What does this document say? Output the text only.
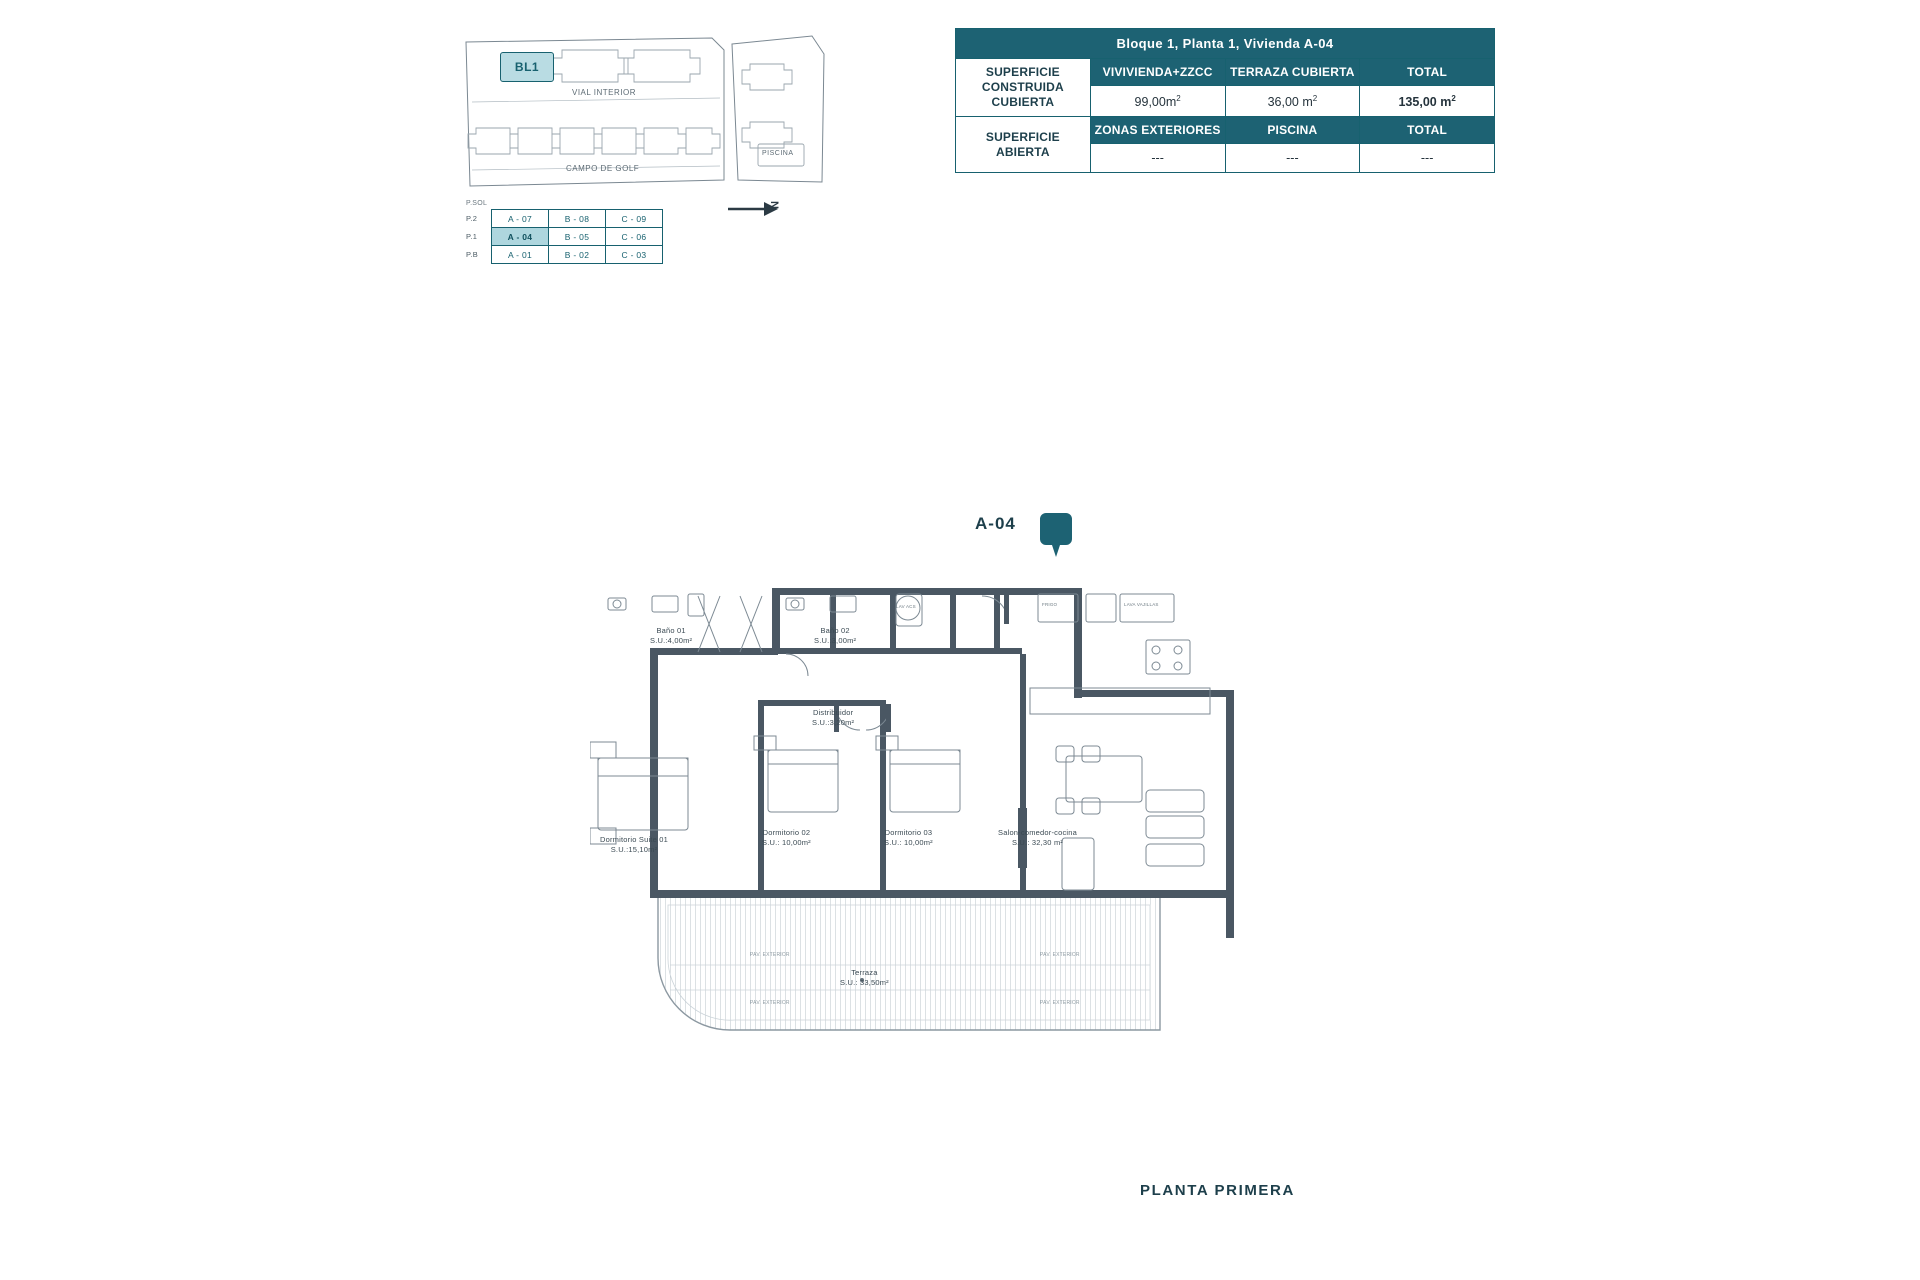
BL1
VIAL INTERIOR
CAMPO DE GOLF
PISCINA
N
P.SOL
P.2	A - 07	B - 08	C - 09
P.1	A - 04	B - 05	C - 06
P.B	A - 01	B - 02	C - 03
Bloque 1, Planta 1, Vivienda A-04			

SUPERFICIE CONSTRUIDA CUBIERTA	VIVIVIENDA+ZZCC	TERRAZA CUBIERTA	TOTAL
	$99,00m^2$	36,00 $m^2$	135,00 $m^2$

SUPERFICIE ABIERTA	ZONAS EXTERIORES	PISCINA	TOTAL
	---	---	---
A-04
Baño 01
S.U.:4,00m²
Baño 02
S.U.:3,00m²
Distribuidor
S.U.:3,20m²
Dormitorio Suite 01
S.U.:15,10m²
Dormitorio 02
S.U.: 10,00m²
Dormitorio 03
S.U.: 10,00m²
Salon-comedor-cocina
S.U.: 32,30 m²
Terraza
S.U.: 33,50m²
FRIGO	LAVA VAJILLAS
LAV ACS
PAV. EXTERIOR
PAV. EXTERIOR
PAV. EXTERIOR
PAV. EXTERIOR
PLANTA PRIMERA
